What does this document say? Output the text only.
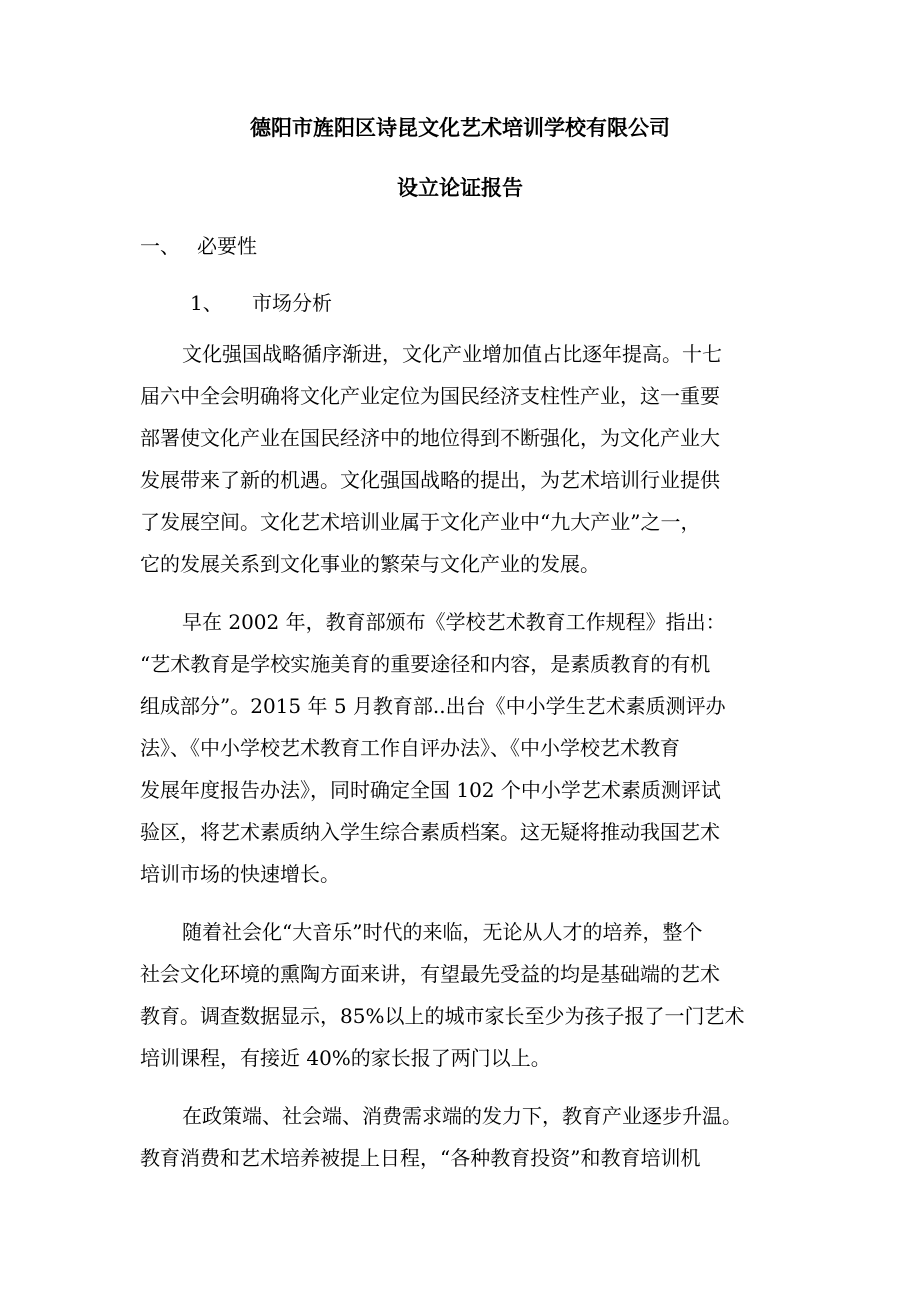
德阳市旌阳区诗昆文化艺术培训学校有限公司
设立论证报告
一、 必要性
1、 市场分析
文化强国战略循序渐进，文化产业增加值占比逐年提高。十七
届六中全会明确将文化产业定位为国民经济支柱性产业，这一重要
部署使文化产业在国民经济中的地位得到不断强化，为文化产业大
发展带来了新的机遇。文化强国战略的提出，为艺术培训行业提供
了发展空间。文化艺术培训业属于文化产业中“九大产业”之一，
它的发展关系到文化事业的繁荣与文化产业的发展。
早在 2002 年，教育部颁布《学校艺术教育工作规程》指出：
“艺术教育是学校实施美育的重要途径和内容，是素质教育的有机
组成部分”。2015 年 5 月教育部..出台《中小学生艺术素质测评办
法》、《中小学校艺术教育工作自评办法》、《中小学校艺术教育
发展年度报告办法》，同时确定全国 102 个中小学艺术素质测评试
验区，将艺术素质纳入学生综合素质档案。这无疑将推动我国艺术
培训市场的快速增长。
随着社会化“大音乐”时代的来临，无论从人才的培养，整个
社会文化环境的熏陶方面来讲，有望最先受益的均是基础端的艺术
教育。调查数据显示，85%以上的城市家长至少为孩子报了一门艺术
培训课程，有接近 40%的家长报了两门以上。
在政策端、社会端、消费需求端的发力下，教育产业逐步升温。
教育消费和艺术培养被提上日程，“各种教育投资”和教育培训机
